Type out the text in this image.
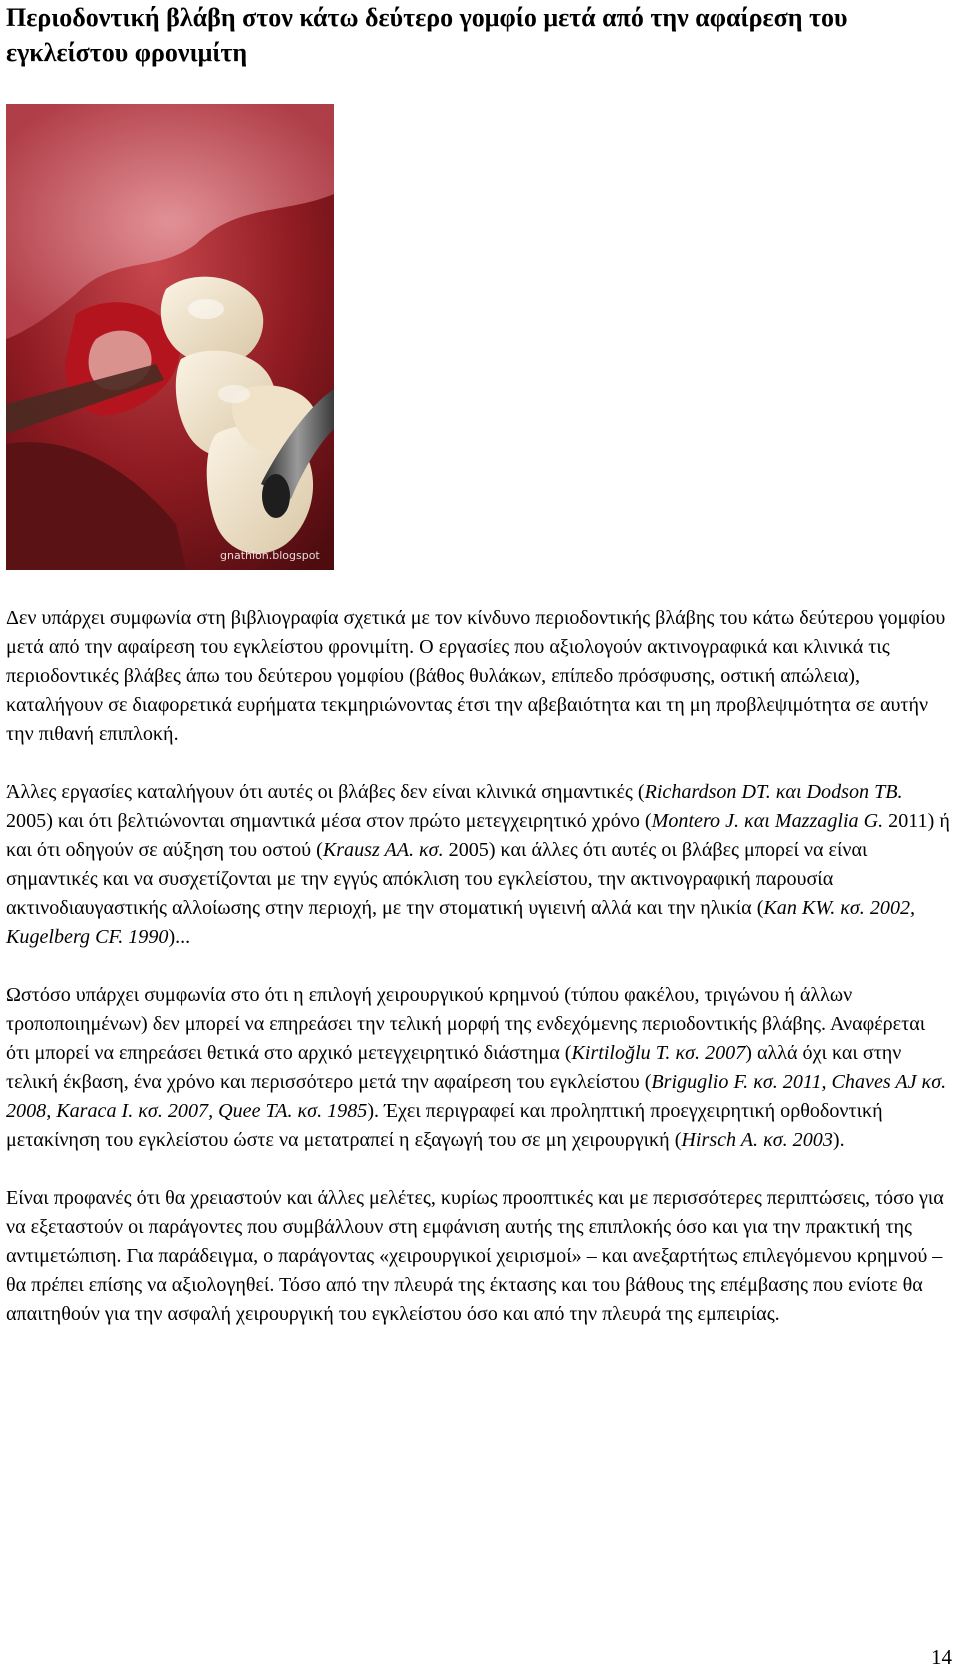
Περιοδοντική βλάβη στον κάτω δεύτερο γομφίο μετά από την αφαίρεση του εγκλείστου φρονιμίτη
gnathion.blogspot

Δεν υπάρχει συμφωνία στη βιβλιογραφία σχετικά με τον κίνδυνο περιοδοντικής βλάβης του κάτω δεύτερου γομφίου μετά από την αφαίρεση του εγκλείστου φρονιμίτη. Ο εργασίες που αξιολογούν ακτινογραφικά και κλινικά τις περιοδοντικές βλάβες άπω του δεύτερου γομφίου (βάθος θυλάκων, επίπεδο πρόσφυσης, οστική απώλεια), καταλήγουν σε διαφορετικά ευρήματα τεκμηριώνοντας έτσι την αβεβαιότητα και τη μη προβλεψιμότητα σε αυτήν την πιθανή επιπλοκή.

Άλλες εργασίες καταλήγουν ότι αυτές οι βλάβες δεν είναι κλινικά σημαντικές (Richardson DT. και Dodson TB. 2005) και ότι βελτιώνονται σημαντικά μέσα στον πρώτο μετεγχειρητικό χρόνο (Montero J. και Mazzaglia G. 2011) ή και ότι οδηγούν σε αύξηση του οστού (Krausz AA. κσ. 2005) και άλλες ότι αυτές οι βλάβες μπορεί να είναι σημαντικές και να συσχετίζονται με την εγγύς απόκλιση του εγκλείστου, την ακτινογραφική παρουσία ακτινοδιαυγαστικής αλλοίωσης στην περιοχή, με την στοματική υγιεινή αλλά και την ηλικία (Kan KW. κσ. 2002, Kugelberg CF. 1990)...

Ωστόσο υπάρχει συμφωνία στο ότι η επιλογή χειρουργικού κρημνού (τύπου φακέλου, τριγώνου ή άλλων τροποποιημένων) δεν μπορεί να επηρεάσει την τελική μορφή της ενδεχόμενης περιοδοντικής βλάβης. Αναφέρεται ότι μπορεί να επηρεάσει θετικά στο αρχικό μετεγχειρητικό διάστημα (Kirtiloğlu T. κσ. 2007) αλλά όχι και στην τελική έκβαση, ένα χρόνο και περισσότερο μετά την αφαίρεση του εγκλείστου (Briguglio F. κσ. 2011, Chaves AJ κσ. 2008, Karaca I. κσ. 2007, Quee TA. κσ. 1985). Έχει περιγραφεί και προληπτική προεγχειρητική ορθοδοντική μετακίνηση του εγκλείστου ώστε να μετατραπεί η εξαγωγή του σε μη χειρουργική (Hirsch A. κσ. 2003).

Είναι προφανές ότι θα χρειαστούν και άλλες μελέτες, κυρίως προοπτικές και με περισσότερες περιπτώσεις, τόσο για να εξεταστούν οι παράγοντες που συμβάλλουν στη εμφάνιση αυτής της επιπλοκής όσο και για την πρακτική της αντιμετώπιση. Για παράδειγμα, ο παράγοντας «χειρουργικοί χειρισμοί» – και ανεξαρτήτως επιλεγόμενου κρημνού – θα πρέπει επίσης να αξιολογηθεί. Τόσο από την πλευρά της έκτασης και του βάθους της επέμβασης που ενίοτε θα απαιτηθούν για την ασφαλή χειρουργική του εγκλείστου όσο και από την πλευρά της εμπειρίας.

14
